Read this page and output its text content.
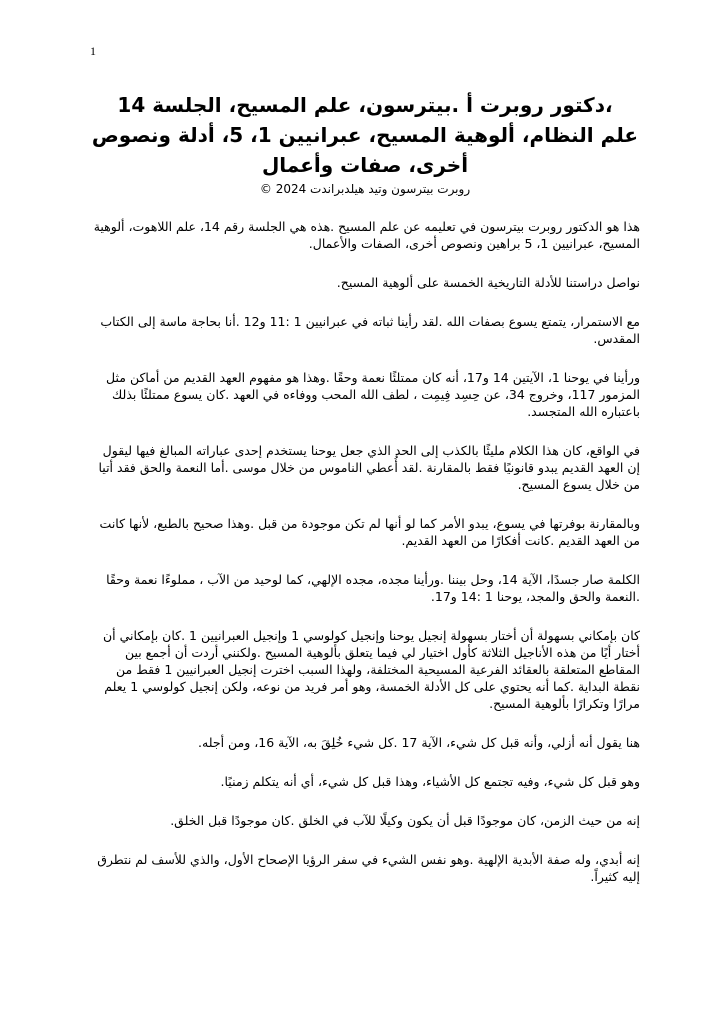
1
،دكتور روبرت أ .بيترسون، علم المسيح، الجلسة 14
علم النظام، ألوهية المسيح، عبرانيين 1، 5، أدلة ونصوص
أخرى، صفات وأعمال
روبرت بيترسون وتيد هيلدبراندت 2024 ©

هذا هو الدكتور روبرت بيترسون في تعليمه عن علم المسيح .هذه هي الجلسة رقم 14، علم اللاهوت، ألوهية المسيح، عبرانيين 1، 5 براهين ونصوص أخرى، الصفات والأعمال.

نواصل دراستنا للأدلة التاريخية الخمسة على ألوهية المسيح.

مع الاستمرار، يتمتع يسوع بصفات الله .لقد رأينا ثباته في عبرانيين 1 :11 و12 .أنا بحاجة ماسة إلى الكتاب المقدس.

ورأينا في يوحنا 1، الآيتين 14 و17، أنه كان ممتلئًا نعمة وحقًا .وهذا هو مفهوم العهد القديم من أماكن مثل المزمور 117، وخروج 34، عن حِسِد فِيمِت ، لطف الله المحب ووفاءه في العهد .كان يسوع ممتلئًا بذلك باعتباره الله المتجسد.

في الواقع، كان هذا الكلام مليئًا بالكذب إلى الحد الذي جعل يوحنا يستخدم إحدى عباراته المبالغ فيها ليقول إن العهد القديم يبدو قانونيًا فقط بالمقارنة .لقد أُعطي الناموس من خلال موسى .أما النعمة والحق فقد أتيا من خلال يسوع المسيح.

وبالمقارنة بوفرتها في يسوع، يبدو الأمر كما لو أنها لم تكن موجودة من قبل .وهذا صحيح بالطبع، لأنها كانت من العهد القديم .كانت أفكارًا من العهد القديم.

الكلمة صار جسدًا، الآية 14، وحل بيننا .ورأينا مجده، مجده الإلهي، كما لوحيد من الآب ، مملوءًا نعمة وحقًا .النعمة والحق والمجد، يوحنا 1 :14 و17.

كان بإمكاني بسهولة أن أختار بسهولة إنجيل يوحنا وإنجيل كولوسي 1 وإنجيل العبرانيين 1 .كان بإمكاني أن أختار أيًا من هذه الأناجيل الثلاثة كأول اختيار لي فيما يتعلق بألوهية المسيح .ولكنني أردت أن أجمع بين المقاطع المتعلقة بالعقائد الفرعية المسيحية المختلفة، ولهذا السبب اخترت إنجيل العبرانيين 1 فقط من نقطة البداية .كما أنه يحتوي على كل الأدلة الخمسة، وهو أمر فريد من نوعه، ولكن إنجيل كولوسي 1 يعلم مرارًا وتكرارًا بألوهية المسيح.

هنا يقول أنه أزلي، وأنه قبل كل شيء، الآية 17 .كل شيء خُلِقَ به، الآية 16، ومن أجله.

وهو قبل كل شيء، وفيه تجتمع كل الأشياء، وهذا قبل كل شيء، أي أنه يتكلم زمنيًا.

إنه من حيث الزمن، كان موجودًا قبل أن يكون وكيلًا للآب في الخلق .كان موجودًا قبل الخلق.

إنه أبدي، وله صفة الأبدية الإلهية .وهو نفس الشيء في سفر الرؤيا الإصحاح الأول، والذي للأسف لم نتطرق إليه كثيراً.
